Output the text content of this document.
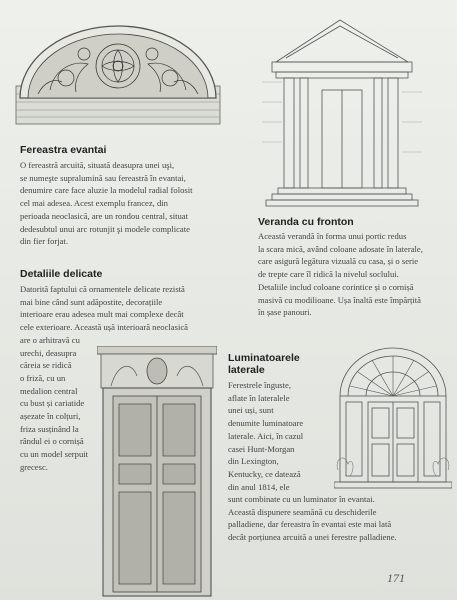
Fereastra evantai

O fereastră arcuită, situată deasupra unei uşi,
se numeşte supralumină sau fereastră în evantai,
denumire care face aluzie la modelul radial folosit
cel mai adesea. Acest exemplu francez, din
perioada neoclasică, are un rondou central, situat
dedesubtul unui arc rotunjit şi modele complicate
din fier forjat.

Veranda cu fronton

Această verandă în forma unui portic redus
la scara mică, având coloane adosate în laterale,
care asigură legătura vizuală cu casa, și o serie
de trepte care îl ridică la nivelul soclului.
Detaliile includ coloane corintice și o cornișă
masivă cu modilioane. Ușa înaltă este împărțită
în șase panouri.

Detaliile delicate

Datorită faptului că ornamentele delicate rezistă
mai bine când sunt adăpostite, decorațiile
interioare erau adesea mult mai complexe decât
cele exterioare. Această ușă interioară neoclasică
are o arhitravă cu
urechi, deasupra
căreia se ridică
o friză, cu un
medalion central
cu bust și cariatide
așezate în colțuri,
friza susținând la
rândul ei o cornișă
cu un model serpuit
grecesc.

Luminatoarele
laterale

Ferestrele înguste,
aflate în lateralele
unei uși, sunt
denumite luminatoare
laterale. Aici, în cazul
casei Hunt-Morgan
din Lexington,
Kentucky, ce datează
din anul 1814, ele

sunt combinate cu un luminator în evantai.
Această dispunere seamănă cu deschiderile
palladiene, dar fereastra în evantai este mai lată
decât porțiunea arcuită a unei ferestre palladiene.

171
